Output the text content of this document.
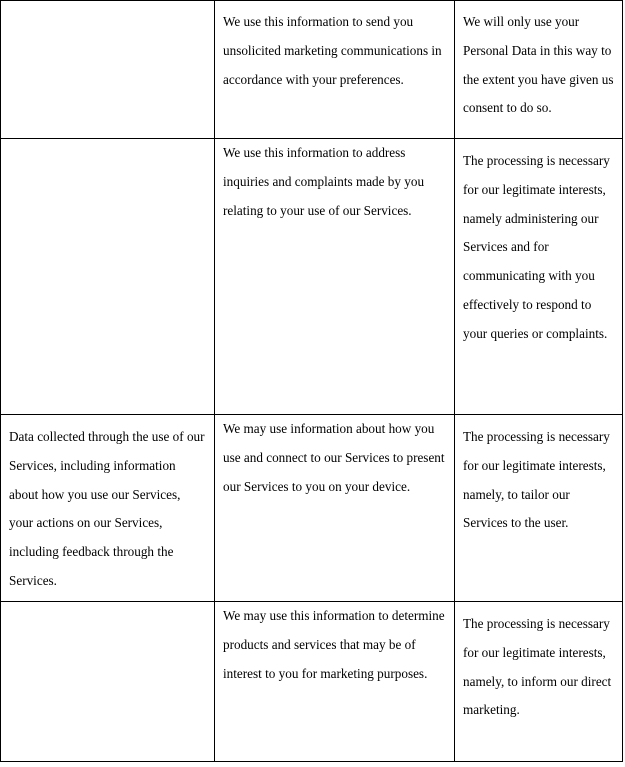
	We use this information to send you unsolicited marketing communications in accordance with your preferences.	We will only use your Personal Data in this way to the extent you have given us consent to do so.

	We use this information to address inquiries and complaints made by you relating to your use of our Services.	The processing is necessary for our legitimate interests, namely administering our Services and for communicating with you effectively to respond to your queries or complaints.

Data collected through the use of our Services, including information about how you use our Services, your actions on our Services, including feedback through the Services.	We may use information about how you use and connect to our Services to present our Services to you on your device.	The processing is necessary for our legitimate interests, namely, to tailor our Services to the user.

	We may use this information to determine products and services that may be of interest to you for marketing purposes.	The processing is necessary for our legitimate interests, namely, to inform our direct marketing.
